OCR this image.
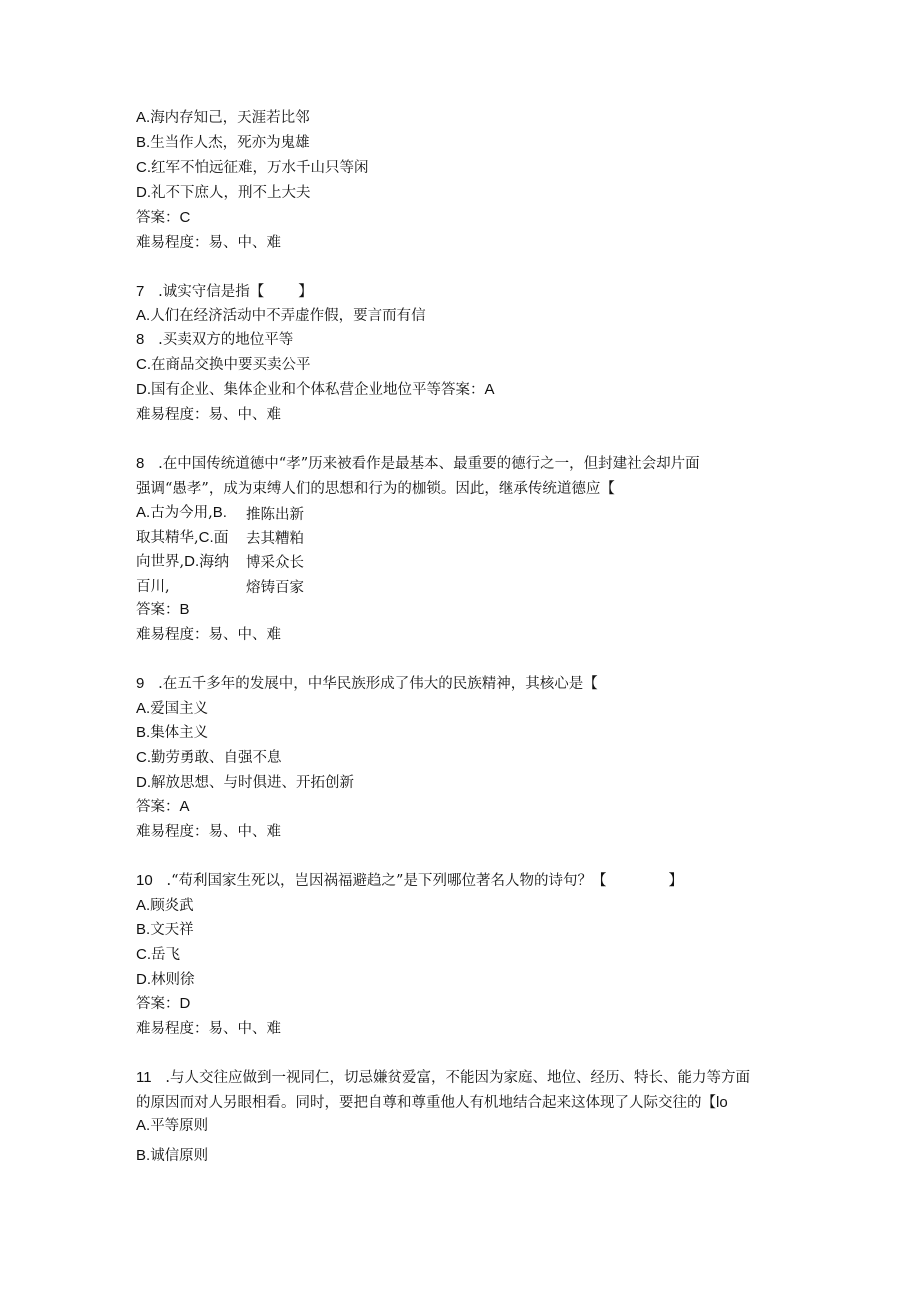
A.海内存知己，天涯若比邻
B.生当作人杰，死亦为鬼雄
C.红军不怕远征难，万水千山只等闲
D.礼不下庶人，刑不上大夫
答案：C
难易程度：易、中、难
7 .诚实守信是指【 】
A.人们在经济活动中不弄虚作假，要言而有信
8 .买卖双方的地位平等
C.在商品交换中要买卖公平
D.国有企业、集体企业和个体私营企业地位平等答案：A
难易程度：易、中、难
8 .在中国传统道德中“孝”历来被看作是最基本、最重要的德行之一，但封建社会却片面
强调“愚孝”，成为束缚人们的思想和行为的枷锁。因此，继承传统道德应【
A.古为今用,B.
取其精华,C.面
向世界,D.海纳
百川,
推陈出新
去其糟粕
博采众长
熔铸百家
答案：B
难易程度：易、中、难
9 .在五千多年的发展中，中华民族形成了伟大的民族精神，其核心是【
A.爱国主义
B.集体主义
C.勤劳勇敢、自强不息
D.解放思想、与时俱进、开拓创新
答案：A
难易程度：易、中、难
10 .“苟利国家生死以，岂因祸福避趋之”是下列哪位著名人物的诗句？【	】
A.顾炎武
B.文天祥
C.岳飞
D.林则徐
答案：D
难易程度：易、中、难
11 .与人交往应做到一视同仁，切忌嫌贫爱富，不能因为家庭、地位、经历、特长、能力等方面
的原因而对人另眼相看。同时，要把自尊和尊重他人有机地结合起来这体现了人际交往的【lo
A.平等原则
B.诚信原则
